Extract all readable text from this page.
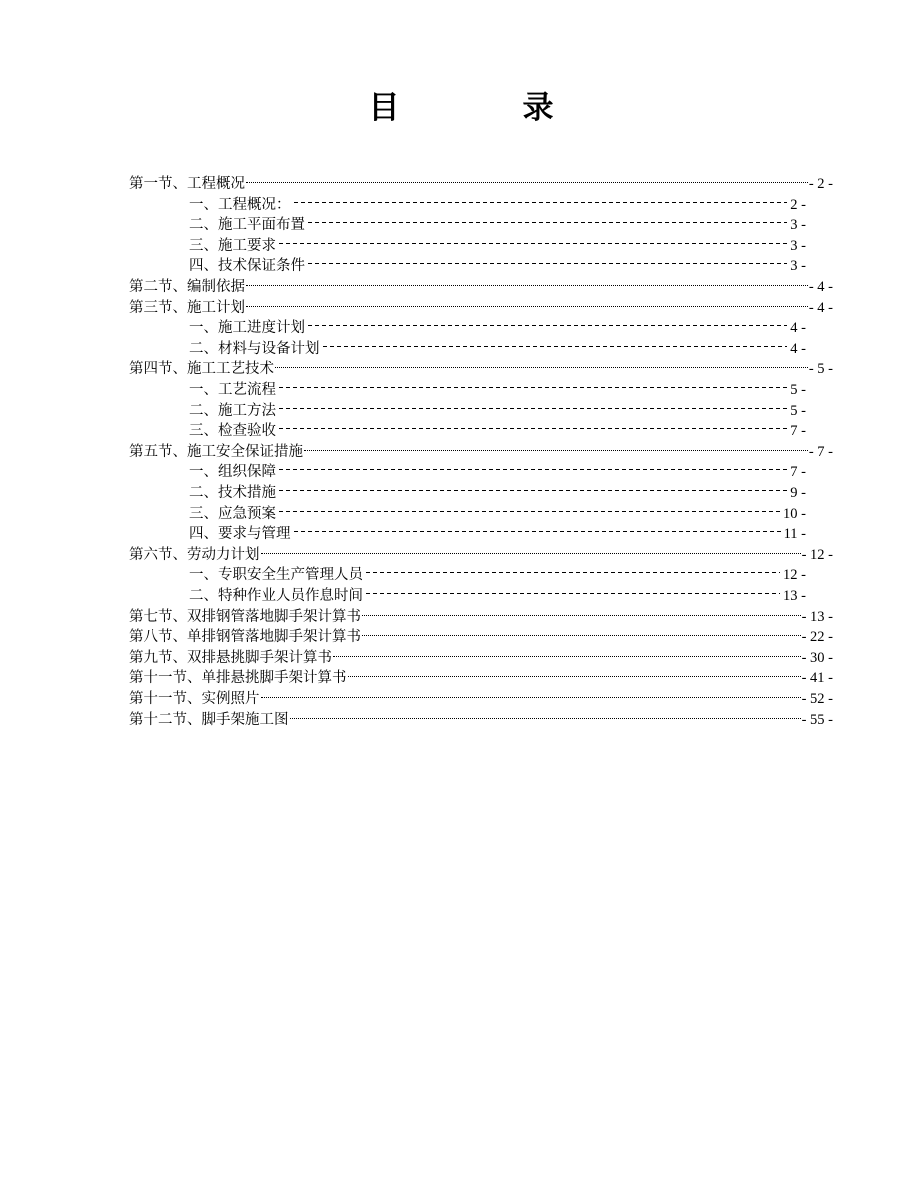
目　录
第一节、工程概况	- 2 -
一、工程概况：	2 -
二、施工平面布置	3 -
三、施工要求	3 -
四、技术保证条件	3 -
第二节、编制依据	- 4 -
第三节、施工计划	- 4 -
一、施工进度计划	4 -
二、材料与设备计划	4 -
第四节、施工工艺技术	- 5 -
一、工艺流程	5 -
二、施工方法	5 -
三、检查验收	7 -
第五节、施工安全保证措施	- 7 -
一、组织保障	7 -
二、技术措施	9 -
三、应急预案	10 -
四、要求与管理	11 -
第六节、劳动力计划	- 12 -
一、专职安全生产管理人员	12 -
二、特种作业人员作息时间	13 -
第七节、双排钢管落地脚手架计算书	- 13 -
第八节、单排钢管落地脚手架计算书	- 22 -
第九节、双排悬挑脚手架计算书	- 30 -
第十一节、单排悬挑脚手架计算书	- 41 -
第十一节、实例照片	- 52 -
第十二节、脚手架施工图	- 55 -
